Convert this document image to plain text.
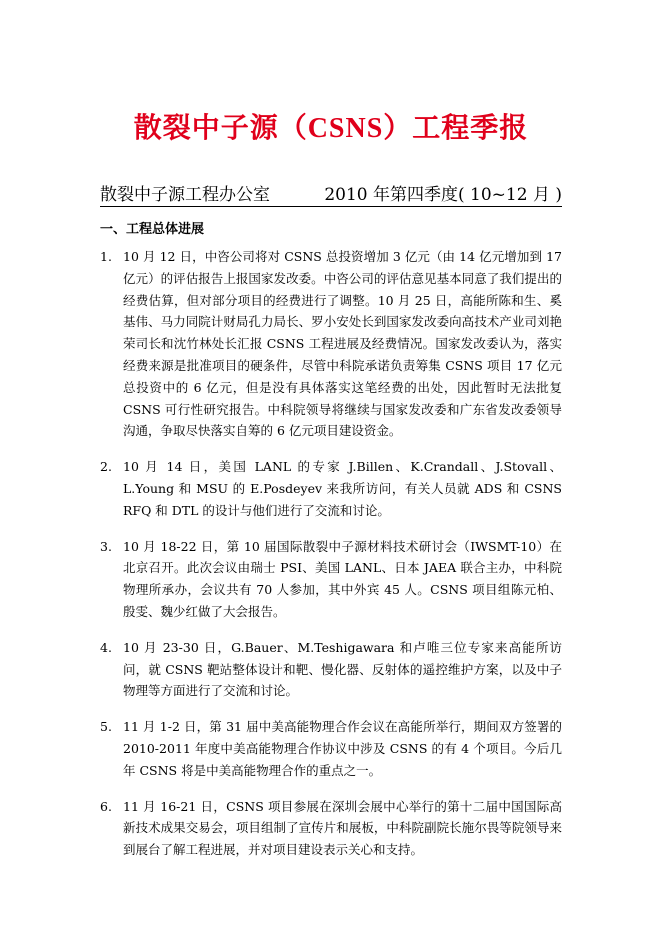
散裂中子源（CSNS）工程季报
散裂中子源工程办公室	2010 年第四季度( 10~12 月 )
一、工程总体进展
1. 10 月 12 日，中咨公司将对 CSNS 总投资增加 3 亿元（由 14 亿元增加到 17 亿元）的评估报告上报国家发改委。中咨公司的评估意见基本同意了我们提出的经费估算，但对部分项目的经费进行了调整。10 月 25 日，高能所陈和生、奚基伟、马力同院计财局孔力局长、罗小安处长到国家发改委向高技术产业司刘艳荣司长和沈竹林处长汇报 CSNS 工程进展及经费情况。国家发改委认为，落实经费来源是批准项目的硬条件，尽管中科院承诺负责筹集 CSNS 项目 17 亿元总投资中的 6 亿元，但是没有具体落实这笔经费的出处，因此暂时无法批复 CSNS 可行性研究报告。中科院领导将继续与国家发改委和广东省发改委领导沟通，争取尽快落实自筹的 6 亿元项目建设资金。
2. 10 月 14 日，美国 LANL 的专家 J.Billen、K.Crandall、J.Stovall、L.Young 和 MSU 的 E.Posdeyev 来我所访问，有关人员就 ADS 和 CSNS RFQ 和 DTL 的设计与他们进行了交流和讨论。
3. 10 月 18-22 日，第 10 届国际散裂中子源材料技术研讨会（IWSMT-10）在北京召开。此次会议由瑞士 PSI、美国 LANL、日本 JAEA 联合主办，中科院物理所承办，会议共有 70 人参加，其中外宾 45 人。CSNS 项目组陈元柏、殷雯、魏少红做了大会报告。
4. 10 月 23-30 日，G.Bauer、M.Teshigawara 和卢唯三位专家来高能所访问，就 CSNS 靶站整体设计和靶、慢化器、反射体的遥控维护方案，以及中子物理等方面进行了交流和讨论。
5. 11 月 1-2 日，第 31 届中美高能物理合作会议在高能所举行，期间双方签署的 2010-2011 年度中美高能物理合作协议中涉及 CSNS 的有 4 个项目。今后几年 CSNS 将是中美高能物理合作的重点之一。
6. 11 月 16-21 日，CSNS 项目参展在深圳会展中心举行的第十二届中国国际高新技术成果交易会，项目组制了宣传片和展板，中科院副院长施尔畏等院领导来到展台了解工程进展，并对项目建设表示关心和支持。
